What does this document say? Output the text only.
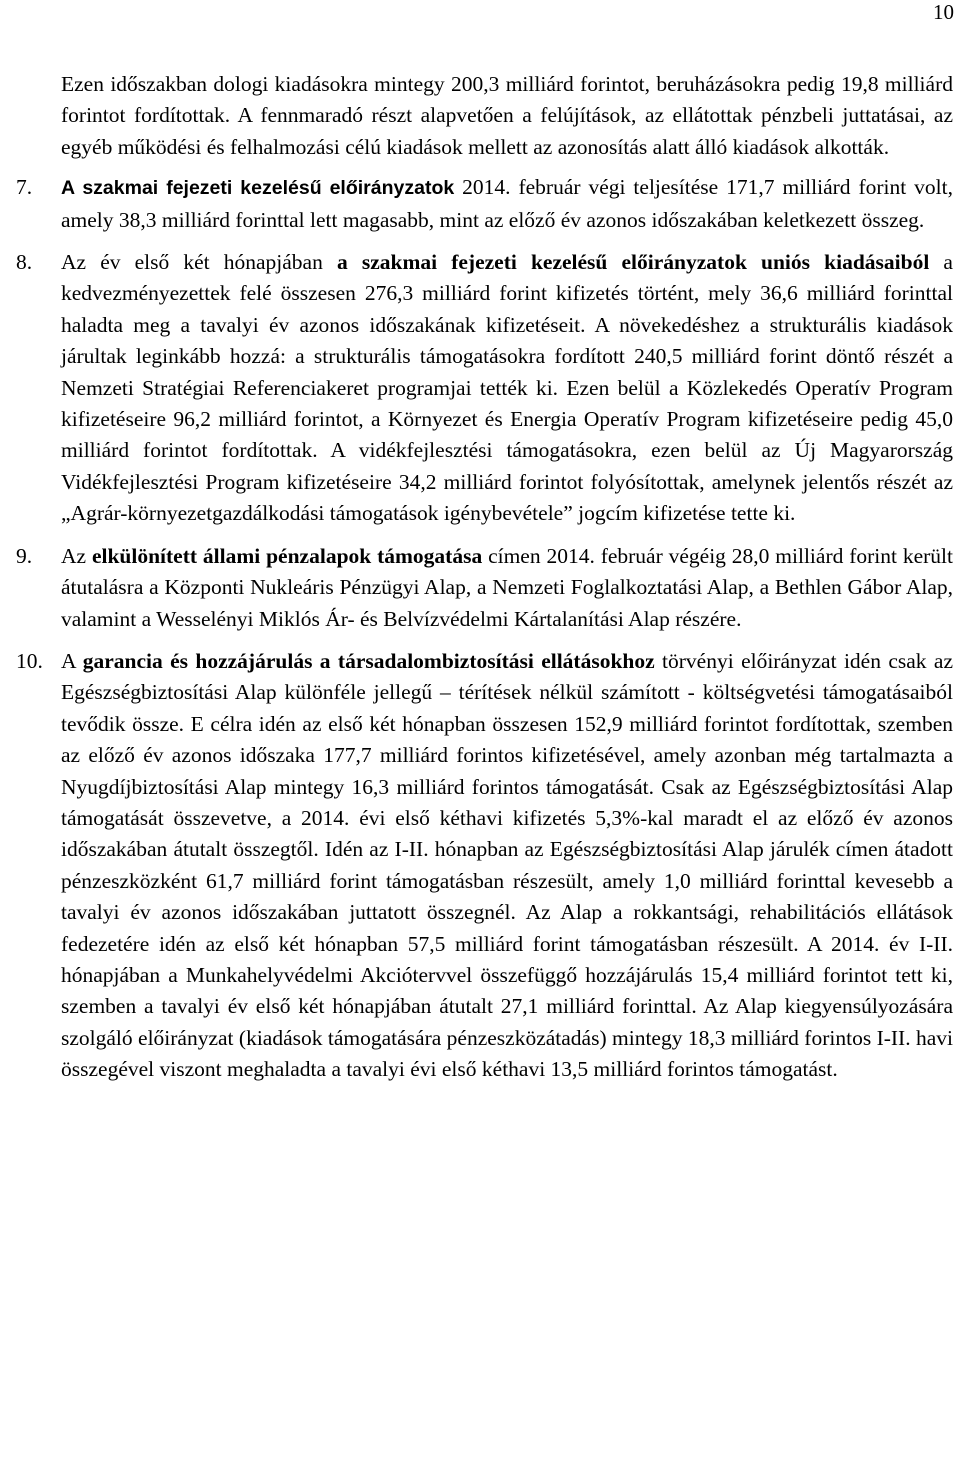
10

Ezen időszakban dologi kiadásokra mintegy 200,3 milliárd forintot, beruházásokra pedig 19,8 milliárd forintot fordítottak. A fennmaradó részt alapvetően a felújítások, az ellátottak pénzbeli juttatásai, az egyéb működési és felhalmozási célú kiadások mellett az azonosítás alatt álló kiadások alkották.

7. A szakmai fejezeti kezelésű előirányzatok 2014. február végi teljesítése 171,7 milliárd forint volt, amely 38,3 milliárd forinttal lett magasabb, mint az előző év azonos időszakában keletkezett összeg.

8. Az év első két hónapjában a szakmai fejezeti kezelésű előirányzatok uniós kiadásaiból a kedvezményezettek felé összesen 276,3 milliárd forint kifizetés történt, mely 36,6 milliárd forinttal haladta meg a tavalyi év azonos időszakának kifizetéseit. A növekedéshez a strukturális kiadások járultak leginkább hozzá: a strukturális támogatásokra fordított 240,5 milliárd forint döntő részét a Nemzeti Stratégiai Referenciakeret programjai tették ki. Ezen belül a Közlekedés Operatív Program kifizetéseire 96,2 milliárd forintot, a Környezet és Energia Operatív Program kifizetéseire pedig 45,0 milliárd forintot fordítottak. A vidékfejlesztési támogatásokra, ezen belül az Új Magyarország Vidékfejlesztési Program kifizetéseire 34,2 milliárd forintot folyósítottak, amelynek jelentős részét az „Agrár-környezetgazdálkodási támogatások igénybevétele” jogcím kifizetése tette ki.

9. Az elkülönített állami pénzalapok támogatása címen 2014. február végéig 28,0 milliárd forint került átutalásra a Központi Nukleáris Pénzügyi Alap, a Nemzeti Foglalkoztatási Alap, a Bethlen Gábor Alap, valamint a Wesselényi Miklós Ár- és Belvízvédelmi Kártalanítási Alap részére.

10. A garancia és hozzájárulás a társadalombiztosítási ellátásokhoz törvényi előirányzat idén csak az Egészségbiztosítási Alap különféle jellegű – térítések nélkül számított - költségvetési támogatásaiból tevődik össze. E célra idén az első két hónapban összesen 152,9 milliárd forintot fordítottak, szemben az előző év azonos időszaka 177,7 milliárd forintos kifizetésével, amely azonban még tartalmazta a Nyugdíjbiztosítási Alap mintegy 16,3 milliárd forintos támogatását. Csak az Egészségbiztosítási Alap támogatását összevetve, a 2014. évi első kéthavi kifizetés 5,3%-kal maradt el az előző év azonos időszakában átutalt összegtől. Idén az I-II. hónapban az Egészségbiztosítási Alap járulék címen átadott pénzeszközként 61,7 milliárd forint támogatásban részesült, amely 1,0 milliárd forinttal kevesebb a tavalyi év azonos időszakában juttatott összegnél. Az Alap a rokkantsági, rehabilitációs ellátások fedezetére idén az első két hónapban 57,5 milliárd forint támogatásban részesült. A 2014. év I-II. hónapjában a Munkahelyvédelmi Akciótervvel összefüggő hozzájárulás 15,4 milliárd forintot tett ki, szemben a tavalyi év első két hónapjában átutalt 27,1 milliárd forinttal. Az Alap kiegyensúlyozására szolgáló előirányzat (kiadások támogatására pénzeszközátadás) mintegy 18,3 milliárd forintos I-II. havi összegével viszont meghaladta a tavalyi évi első kéthavi 13,5 milliárd forintos támogatást.
